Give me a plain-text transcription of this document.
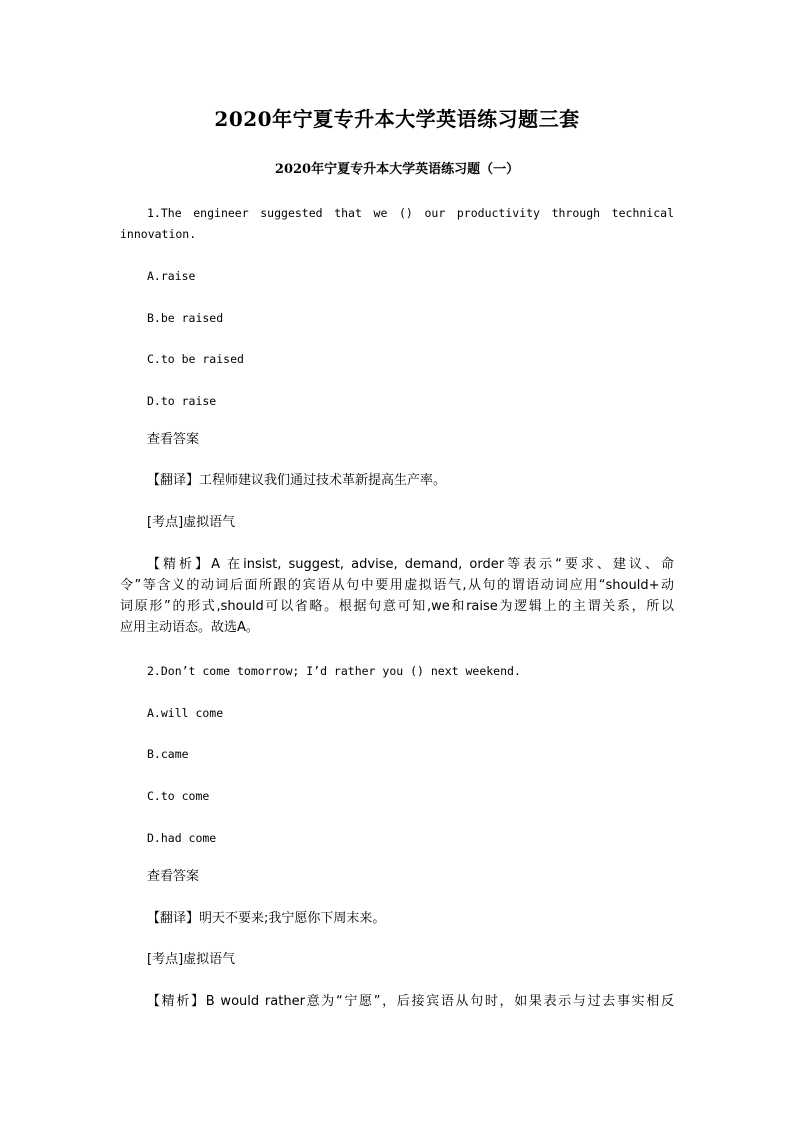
2020年宁夏专升本大学英语练习题三套
2020年宁夏专升本大学英语练习题（一）
1.The engineer suggested that we () our productivity through technical
innovation.
A.raise
B.be raised
C.to be raised
D.to raise
查看答案
【翻译】工程师建议我们通过技术革新提高生产率。
[考点]虚拟语气
【精析】A 在insist, suggest, advise, demand, order等表示“要求、建议、命
令”等含义的动词后面所跟的宾语从句中要用虚拟语气,从句的谓语动词应用“should+动
词原形”的形式,should可以省略。根据句意可知,we和raise为逻辑上的主谓关系，所以
应用主动语态。故选A。
2.Don’t come tomorrow; I’d rather you () next weekend.
A.will come
B.came
C.to come
D.had come
查看答案
【翻译】明天不要来;我宁愿你下周末来。
[考点]虚拟语气
【精析】B would rather意为“宁愿”，后接宾语从句时，如果表示与过去事实相反
